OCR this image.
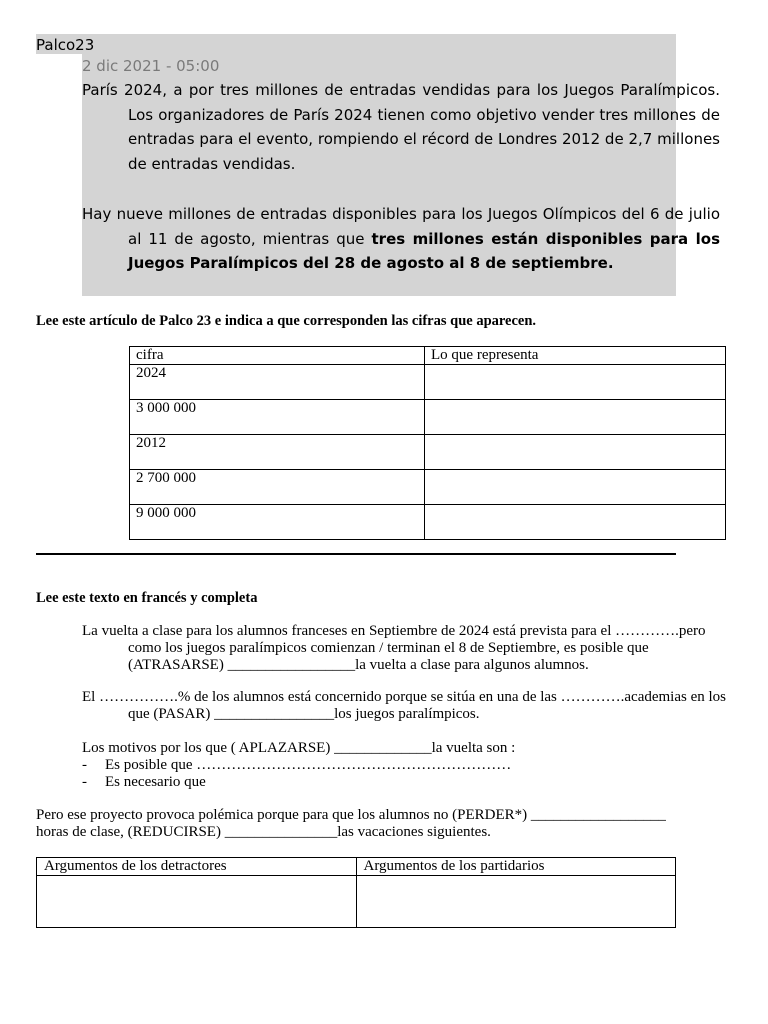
Palco23
2 dic 2021 - 05:00

París 2024, a por tres millones de entradas vendidas para los Juegos Paralímpicos. Los organizadores de París 2024 tienen como objetivo vender tres millones de entradas para el evento, rompiendo el récord de Londres 2012 de 2,7 millones de entradas vendidas.

Hay nueve millones de entradas disponibles para los Juegos Olímpicos del 6 de julio al 11 de agosto, mientras que tres millones están disponibles para los Juegos Paralímpicos del 28 de agosto al 8 de septiembre.

Lee este artículo de Palco 23 e indica a que corresponden las cifras que aparecen.

cifra	Lo que representa
2024	
3 000 000	
2012	
2 700 000	
9 000 000	

Lee este texto en francés y completa

La vuelta a clase para los alumnos franceses en Septiembre de 2024 está prevista para el ………….pero como los juegos paralímpicos comienzan / terminan el 8 de Septiembre, es posible que (ATRASARSE) _________________la vuelta a clase para algunos alumnos.

El …………….% de los alumnos está concernido porque se sitúa en una de las ………….academias en los que (PASAR) ________________los juegos paralímpicos.

Los motivos por los que ( APLAZARSE) _____________la vuelta son :

- Es posible que ………………………………………………………
- Es necesario que

Pero ese proyecto provoca polémica porque para que los alumnos no (PERDER*) __________________ horas de clase, (REDUCIRSE) _______________las vacaciones siguientes.

Argumentos de los detractores	Argumentos de los partidarios
